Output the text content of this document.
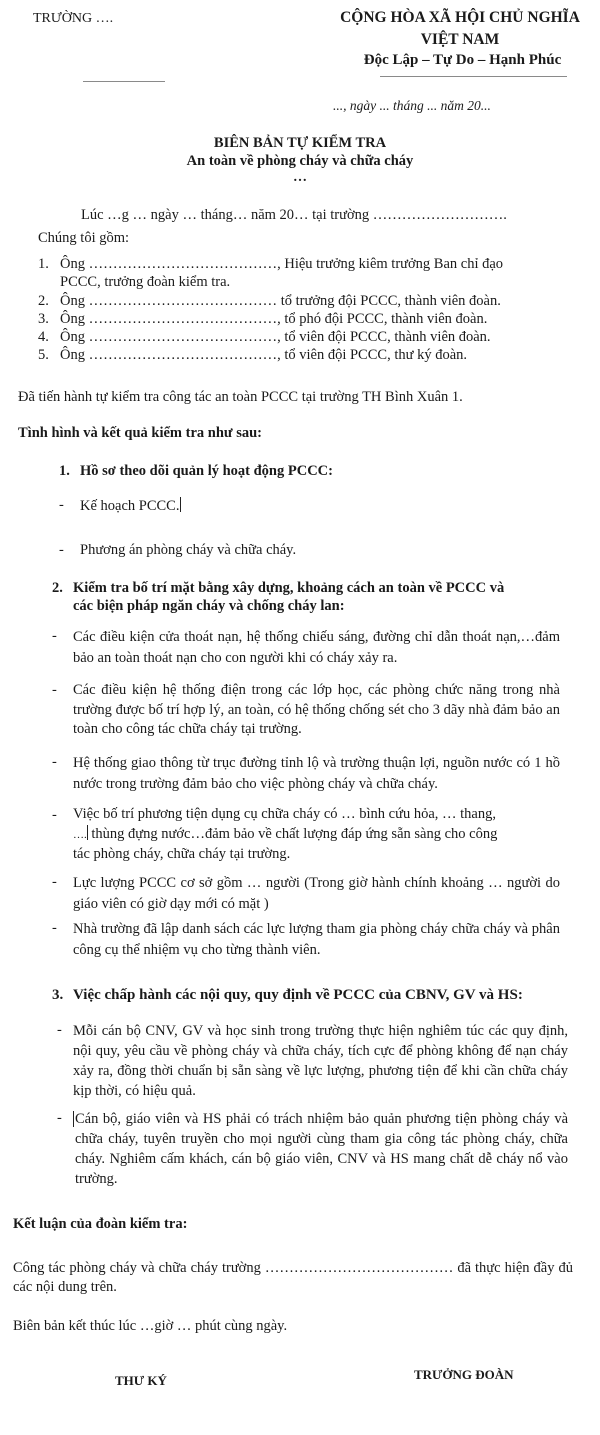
TRƯỜNG ….	CỘNG HÒA XÃ HỘI CHỦ NGHĨA
VIỆT NAM
Độc Lập – Tự Do – Hạnh Phúc
..., ngày ... tháng ... năm 20...
BIÊN BẢN TỰ KIỂM TRA
An toàn về phòng cháy và chữa cháy
…
Lúc …g … ngày … tháng… năm 20… tại trường ……………………….
Chúng tôi gồm:
1. Ông …………………………………, Hiệu trưởng kiêm trưởng Ban chỉ đạo
PCCC, trưởng đoàn kiểm tra.
2. Ông ………………………………… tổ trưởng đội PCCC, thành viên đoàn.
3. Ông …………………………………, tổ phó đội PCCC, thành viên đoàn.
4. Ông …………………………………, tổ viên đội PCCC, thành viên đoàn.
5. Ông …………………………………, tổ viên đội PCCC, thư ký đoàn.
Đã tiến hành tự kiểm tra công tác an toàn PCCC tại trường TH Bình Xuân 1.
Tình hình và kết quả kiểm tra như sau:
1. Hồ sơ theo dõi quản lý hoạt động PCCC:
- Kế hoạch PCCC.
- Phương án phòng cháy và chữa cháy.
2. Kiểm tra bố trí mặt bằng xây dựng, khoảng cách an toàn về PCCC và
các biện pháp ngăn cháy và chống cháy lan:
- Các điều kiện cửa thoát nạn, hệ thống chiếu sáng, đường chỉ dẫn thoát nạn,…đảm bảo an toàn thoát nạn cho con người khi có cháy xảy ra.
- Các điều kiện hệ thống điện trong các lớp học, các phòng chức năng trong nhà trường được bố trí hợp lý, an toàn, có hệ thống chống sét cho 3 dãy nhà đảm bảo an toàn cho công tác chữa cháy tại trường.
- Hệ thống giao thông từ trục đường tỉnh lộ và trường thuận lợi, nguồn nước có 1 hồ nước trong trường đảm bảo cho việc phòng cháy và chữa cháy.
- Việc bố trí phương tiện dụng cụ chữa cháy có … bình cứu hỏa, … thang,
…. thùng đựng nước…đảm bảo về chất lượng đáp ứng sẵn sàng cho công
tác phòng cháy, chữa cháy tại trường.
- Lực lượng PCCC cơ sở gồm … người (Trong giờ hành chính khoảng … người do giáo viên có giờ dạy mới có mặt )
- Nhà trường đã lập danh sách các lực lượng tham gia phòng cháy chữa cháy và phân công cụ thể nhiệm vụ cho từng thành viên.
3. Việc chấp hành các nội quy, quy định về PCCC của CBNV, GV và HS:
- Mỗi cán bộ CNV, GV và học sinh trong trường thực hiện nghiêm túc các quy định, nội quy, yêu cầu về phòng cháy và chữa cháy, tích cực để phòng không để nạn cháy xảy ra, đồng thời chuẩn bị sẵn sàng về lực lượng, phương tiện để khi cần chữa cháy kịp thời, có hiệu quả.
- Cán bộ, giáo viên và HS phải có trách nhiệm bảo quản phương tiện phòng cháy và chữa cháy, tuyên truyền cho mọi người cùng tham gia công tác phòng cháy, chữa cháy. Nghiêm cấm khách, cán bộ giáo viên, CNV và HS mang chất dễ cháy nổ vào trường.
Kết luận của đoàn kiểm tra:
Công tác phòng cháy và chữa cháy trường ………………………………… đã thực hiện đầy đủ các nội dung trên.
Biên bản kết thúc lúc …giờ … phút cùng ngày.
THƯ KÝ	TRƯỞNG ĐOÀN
